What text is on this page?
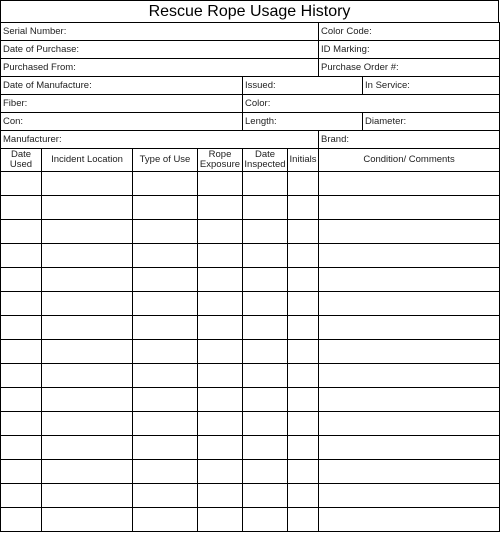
Rescue Rope Usage History
Serial Number:						Color Code:	
Date of Purchase:						ID Marking:	
Purchased From:						Purchase Order #:	
Date of Manufacture:				Issued:			In Service:
Fiber:				Color:			
Con:				Length:			Diameter:
Manufacturer:						Brand:	
Date Used	Incident Location	Type of Use	Rope Exposure	Date Inspected	Initials	Condition/ Comments	
